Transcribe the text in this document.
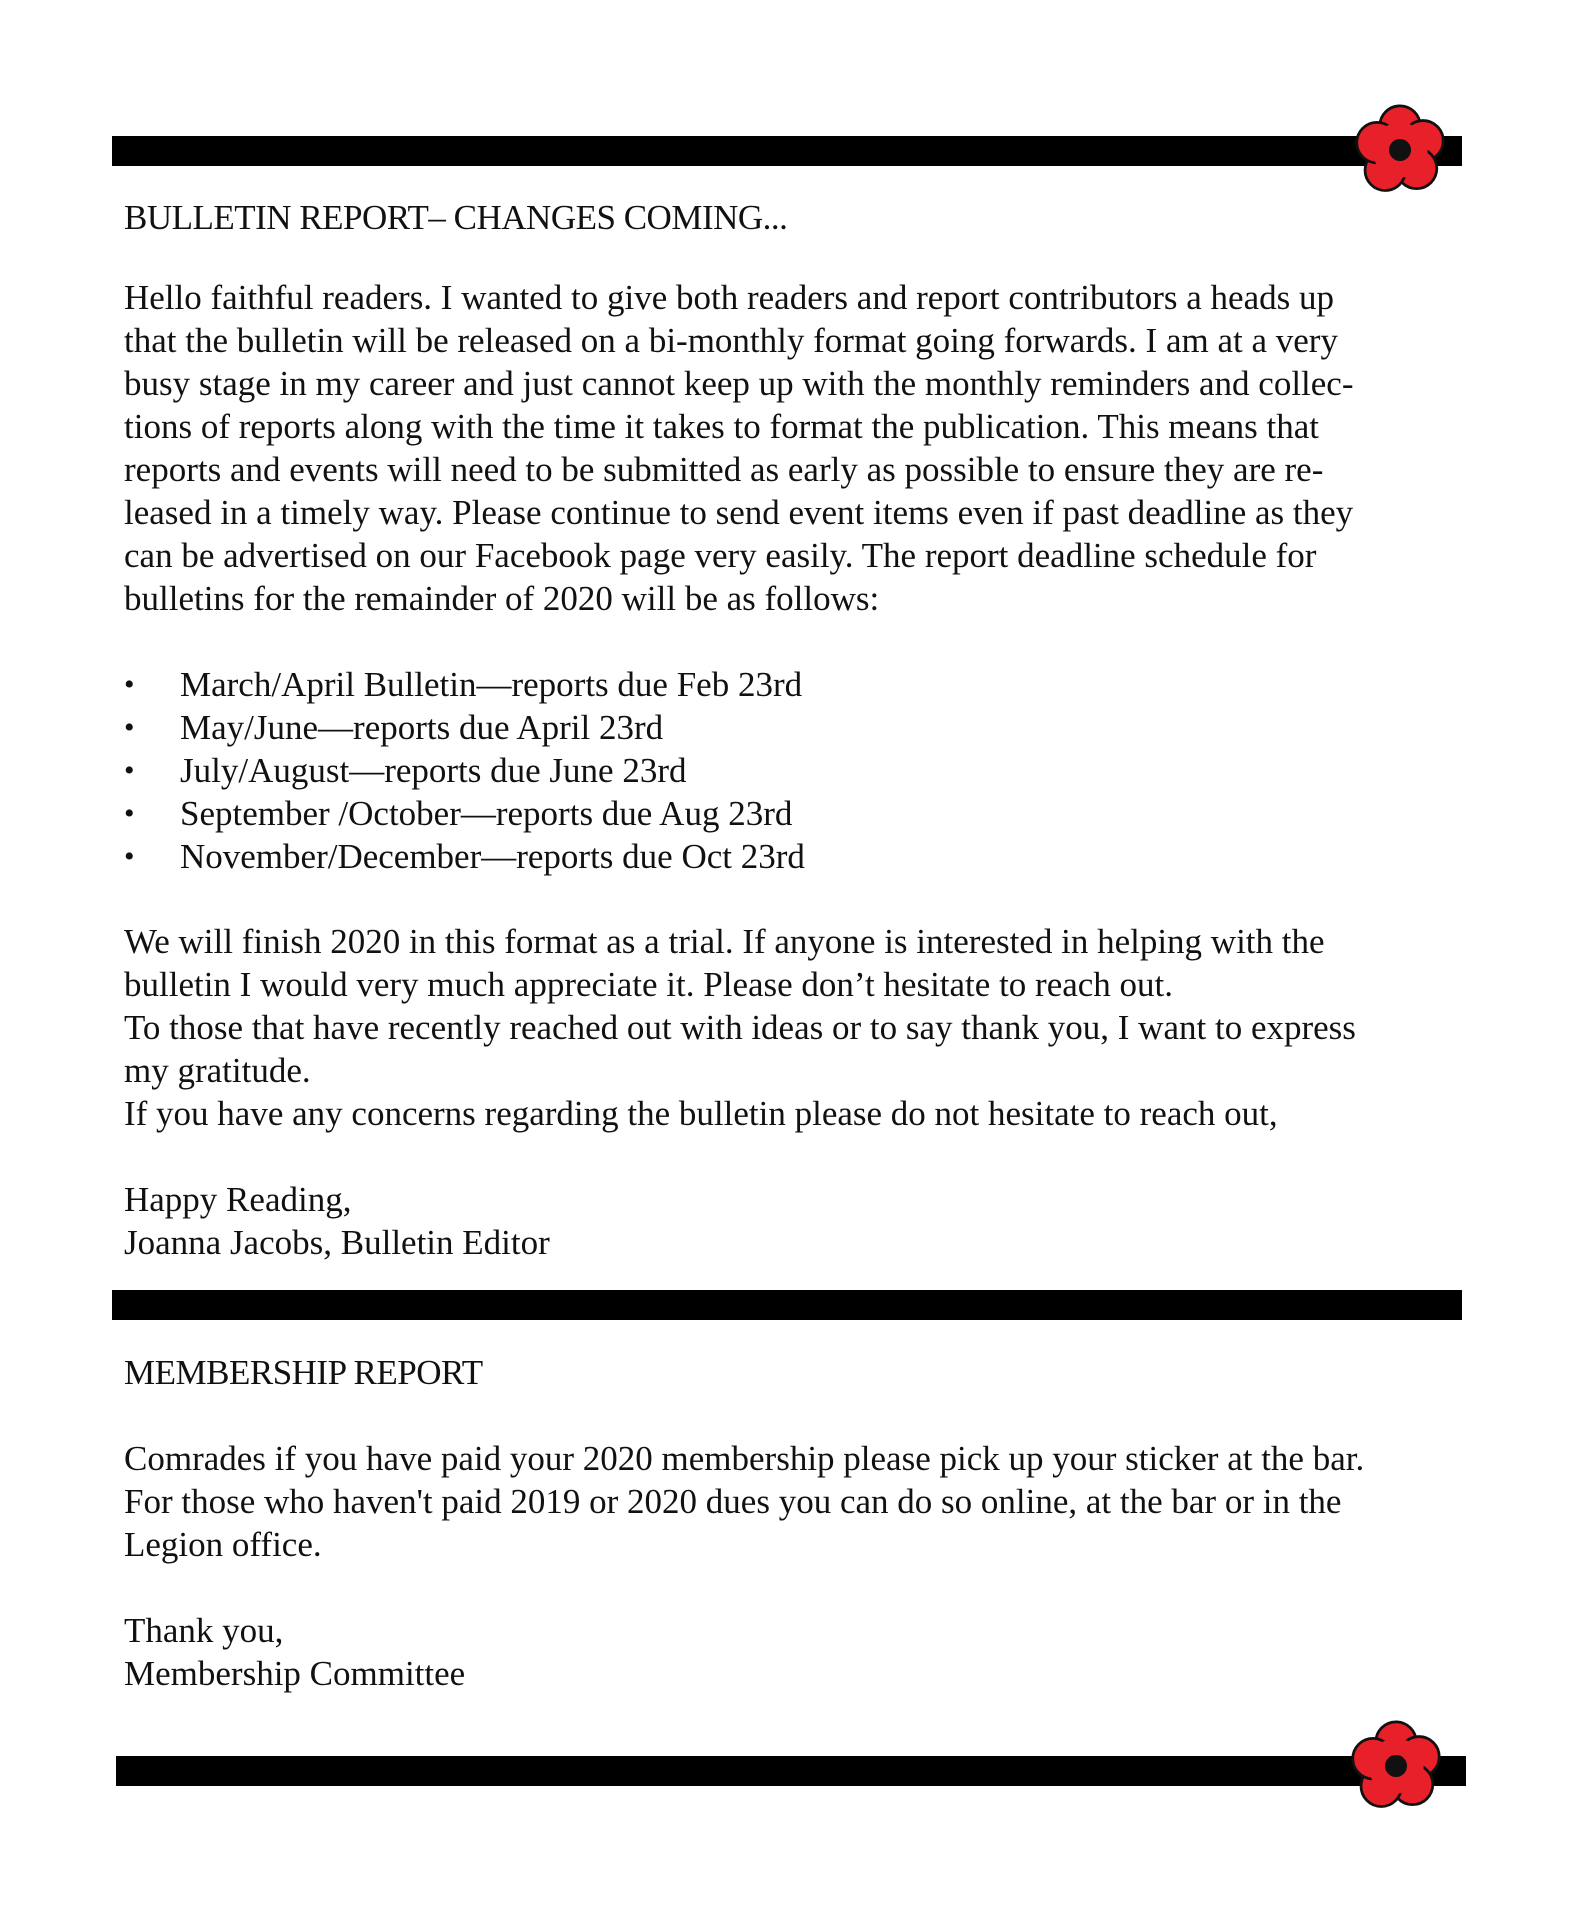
BULLETIN REPORT– CHANGES COMING...

Hello faithful readers. I wanted to give both readers and report contributors a heads up
that the bulletin will be released on a bi-monthly format going forwards. I am at a very
busy stage in my career and just cannot keep up with the monthly reminders and collec-
tions of reports along with the time it takes to format the publication. This means that
reports and events will need to be submitted as early as possible to ensure they are re-
leased in a timely way. Please continue to send event items even if past deadline as they
can be advertised on our Facebook page very easily. The report deadline schedule for
bulletins for the remainder of 2020 will be as follows:

• March/April Bulletin—reports due Feb 23rd
• May/June—reports due April 23rd
• July/August—reports due June 23rd
• September /October—reports due Aug 23rd
• November/December—reports due Oct 23rd

We will finish 2020 in this format as a trial. If anyone is interested in helping with the
bulletin I would very much appreciate it. Please don’t hesitate to reach out.
To those that have recently reached out with ideas or to say thank you, I want to express
my gratitude.
If you have any concerns regarding the bulletin please do not hesitate to reach out,

Happy Reading,
Joanna Jacobs, Bulletin Editor

MEMBERSHIP REPORT

Comrades if you have paid your 2020 membership please pick up your sticker at the bar.
For those who haven't paid 2019 or 2020 dues you can do so online, at the bar or in the
Legion office.

Thank you,
Membership Committee
